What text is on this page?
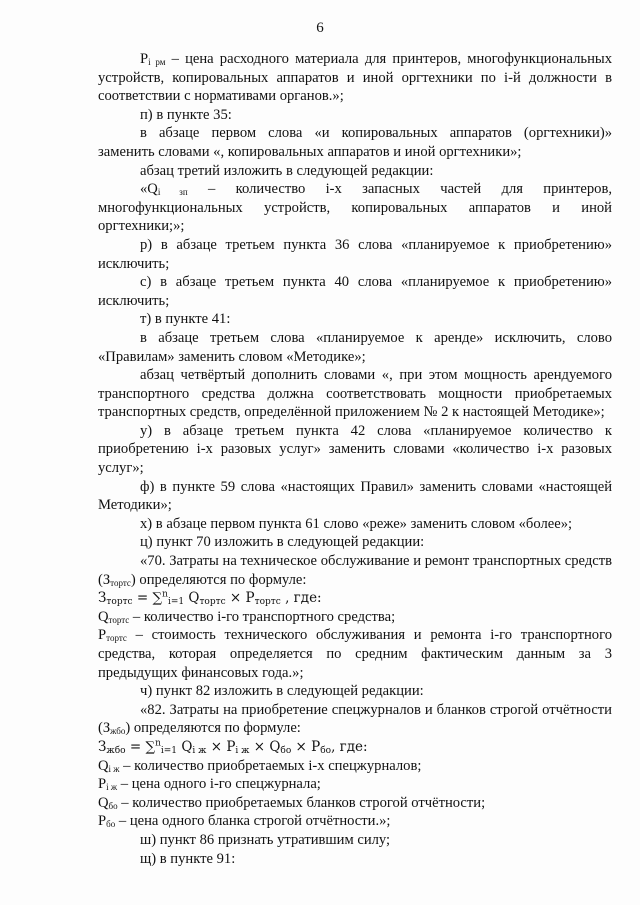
6

$P_{i рм}$ – цена расходного материала для принтеров, многофункциональных устройств, копировальных аппаратов и иной оргтехники по i-й должности в соответствии с нормативами органов.»;

п) в пункте 35:

в абзаце первом слова «и копировальных аппаратов (оргтехники)» заменить словами «, копировальных аппаратов и иной оргтехники»;

абзац третий изложить в следующей редакции:

«$Q_{i зп}$ – количество i-х запасных частей для принтеров, многофункциональных устройств, копировальных аппаратов и иной оргтехники;»;

р) в абзаце третьем пункта 36 слова «планируемое к приобретению» исключить;

с) в абзаце третьем пункта 40 слова «планируемое к приобретению» исключить;

т) в пункте 41:

в абзаце третьем слова «планируемое к аренде» исключить, слово «Правилам» заменить словом «Методике»;

абзац четвёртый дополнить словами «, при этом мощность арендуемого транспортного средства должна соответствовать мощности приобретаемых транспортных средств, определённой приложением № 2 к настоящей Методике»;

у) в абзаце третьем пункта 42 слова «планируемое количество к приобретению i-х разовых услуг» заменить словами «количество i-х разовых услуг»;

ф) в пункте 59 слова «настоящих Правил» заменить словами «настоящей Методики»;

х) в абзаце первом пункта 61 слово «реже» заменить словом «более»;

ц) пункт 70 изложить в следующей редакции:

«70. Затраты на техническое обслуживание и ремонт транспортных средств $(З_{тортс})$ определяются по формуле:

$З_{тортс} = \sum^n_{i=1}$ $Q_{тортс} \times P_{тортс}$ , где:

$Q_{тортс}$ – количество i-го транспортного средства;

$P_{тортс}$ – стоимость технического обслуживания и ремонта i-го транспортного средства, которая определяется по средним фактическим данным за 3 предыдущих финансовых года.»;

ч) пункт 82 изложить в следующей редакции:

«82. Затраты на приобретение спецжурналов и бланков строгой отчётности $(З_{жбо})$ определяются по формуле:

$З_{жбо} = \sum^n_{i=1}$ $Q_{i ж} \times P_{i ж} \times Q_{бо} \times P_{бо}$, где:

$Q_{i ж}$ – количество приобретаемых i-х спецжурналов;

$P_{i ж}$ – цена одного i-го спецжурнала;

$Q_{бо}$ – количество приобретаемых бланков строгой отчётности;

$P_{бо}$ – цена одного бланка строгой отчётности.»;

ш) пункт 86 признать утратившим силу;

щ) в пункте 91:
